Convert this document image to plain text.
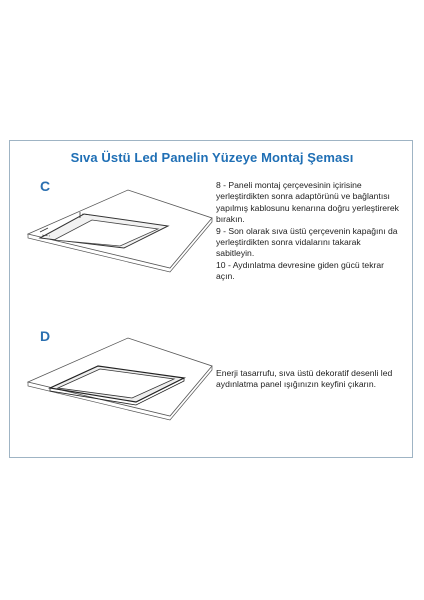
Sıva Üstü Led Panelin Yüzeye Montaj Şeması
C	8 - Paneli montaj çerçevesinin içirisine
yerleştirdikten sonra adaptörünü ve bağlantısı
yapılmış kablosunu kenarına doğru yerleştirerek
bırakın.
9 - Son olarak sıva üstü çerçevenin kapağını da
yerleştirdikten sonra vidalarını takarak
sabitleyin.
10 - Aydınlatma devresine giden gücü tekrar
açın.

D

Enerji tasarrufu, sıva üstü dekoratif desenli led
aydınlatma panel ışığınızın keyfini çıkarın.
